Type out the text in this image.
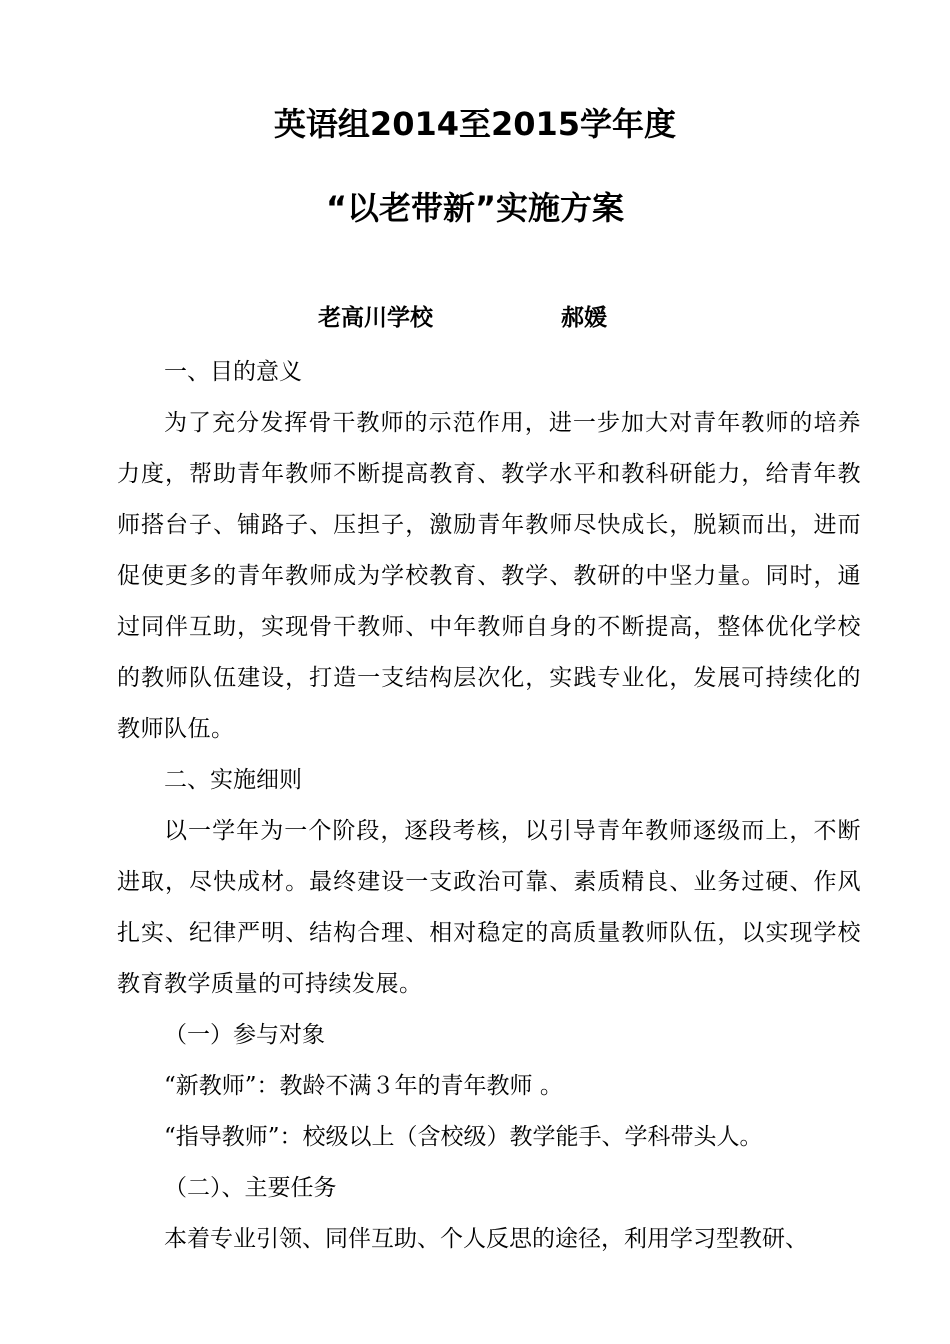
英语组2014至2015学年度
“以老带新”实施方案
老高川学校	郝媛

一、目的意义

为了充分发挥骨干教师的示范作用，进一步加大对青年教师的培养力度，帮助青年教师不断提高教育、教学水平和教科研能力，给青年教师搭台子、铺路子、压担子，激励青年教师尽快成长，脱颖而出，进而促使更多的青年教师成为学校教育、教学、教研的中坚力量。同时，通过同伴互助，实现骨干教师、中年教师自身的不断提高，整体优化学校的教师队伍建设，打造一支结构层次化，实践专业化，发展可持续化的教师队伍。

二、实施细则

以一学年为一个阶段，逐段考核，以引导青年教师逐级而上，不断进取，尽快成材。最终建设一支政治可靠、素质精良、业务过硬、作风扎实、纪律严明、结构合理、相对稳定的高质量教师队伍，以实现学校教育教学质量的可持续发展。

（一）参与对象

“新教师”：教龄不满３年的青年教师 。

“指导教师”：校级以上（含校级）教学能手、学科带头人。

（二）、主要任务

本着专业引领、同伴互助、个人反思的途径，利用学习型教研、
